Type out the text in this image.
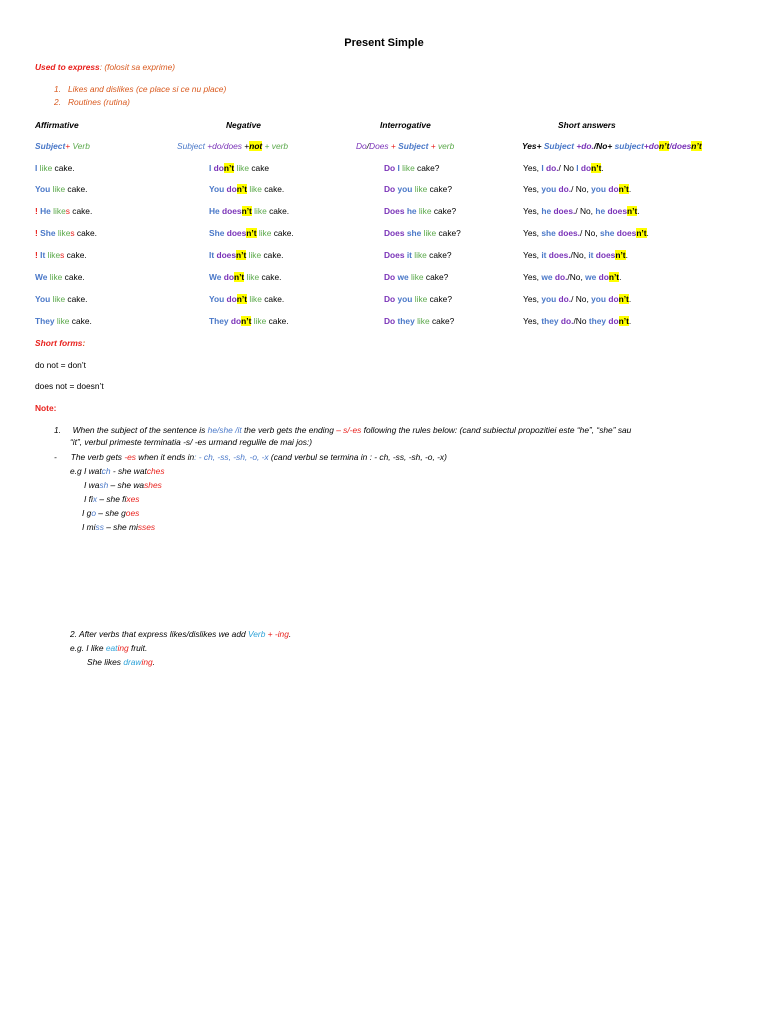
Present Simple
Used to express: (folosit sa exprime)
1. Likes and dislikes (ce place si ce nu place)
2. Routines (rutina)
Affirmative	Negative	Interrogative	Short answers
Subject+ Verb	Subject +do/does +not + verb	Do/Does + Subject + verb	Yes+ Subject +do./No+ subject+don’t/doesn’t
I like cake.	I don’t like cake	Do I like cake?	Yes, I do./ No I don’t.
You like cake.	You don’t like cake.	Do you like cake?	Yes, you do./ No, you don’t.
! He likes cake.	He doesn’t like cake.	Does he like cake?	Yes, he does./ No, he doesn’t.
! She likes cake.	She doesn’t like cake.	Does she like cake?	Yes, she does./ No, she doesn’t.
! It likes cake.	It doesn’t like cake.	Does it like cake?	Yes, it does./No, it doesn’t.
We like cake.	We don’t like cake.	Do we like cake?	Yes, we do./No, we don’t.
You like cake.	You don’t like cake.	Do you like cake?	Yes, you do./ No, you don’t.
They like cake.	They don’t like cake.	Do they like cake?	Yes, they do./No they don’t.
Short forms:
do not = don’t
does not = doesn’t
Note:
1. When the subject of the sentence is he/she /it the verb gets the ending – s/-es following the rules below: (cand subiectul propozitiei este “he”, “she” sau
“it”, verbul primeste terminatia -s/ -es urmand regulile de mai jos:)
- The verb gets -es when it ends in: - ch, -ss, -sh, -o, -x (cand verbul se termina in : - ch, -ss, -sh, -o, -x)
e.g I watch - she watches
I wash – she washes
I fix – she fixes
I go – she goes
I miss – she misses
2. After verbs that express likes/dislikes we add Verb + -ing.
e.g. I like eating fruit.
She likes drawing.
